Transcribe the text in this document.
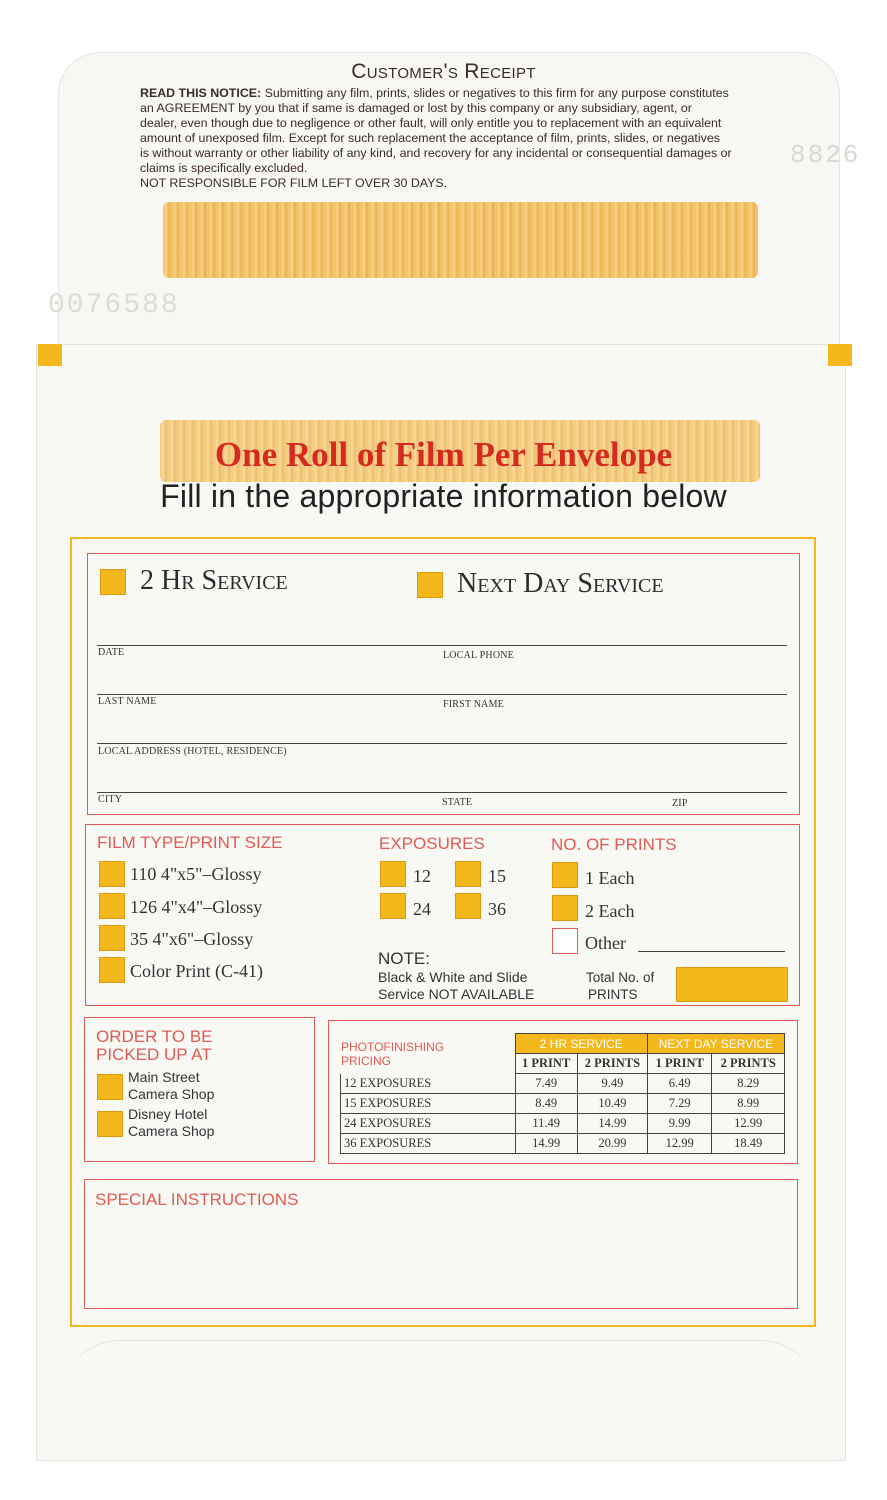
Customer's Receipt
READ THIS NOTICE: Submitting any film, prints, slides or negatives to this firm for any purpose constitutes an AGREEMENT by you that if same is damaged or lost by this company or any subsidiary, agent, or dealer, even though due to negligence or other fault, will only entitle you to replacement with an equivalent amount of unexposed film. Except for such replacement the acceptance of film, prints, slides, or negatives is without warranty or other liability of any kind, and recovery for any incidental or consequential damages or claims is specifically excluded.
NOT RESPONSIBLE FOR FILM LEFT OVER 30 DAYS.
8826
0076588
One Roll of Film Per Envelope
Fill in the appropriate information below
2 Hr Service	Next Day Service
DATE	LOCAL PHONE
LAST NAME	FIRST NAME
LOCAL ADDRESS (HOTEL, RESIDENCE)
CITY	STATE	ZIP
FILM TYPE/PRINT SIZE
110 4"x5"–Glossy
126 4"x4"–Glossy
35 4"x6"–Glossy
Color Print (C-41)
EXPOSURES
12	15
24	36
NOTE:
Black & White and Slide
Service NOT AVAILABLE
NO. OF PRINTS
1 Each
2 Each
Other
Total No. of
PRINTS
ORDER TO BE
PICKED UP AT
Main Street
Camera Shop
Disney Hotel
Camera Shop
PHOTOFINISHING
PRICING
	2 HR SERVICE		NEXT DAY SERVICE	
	1 PRINT	2 PRINTS	1 PRINT	2 PRINTS
12 EXPOSURES	7.49	9.49	6.49	8.29
15 EXPOSURES	8.49	10.49	7.29	8.99
24 EXPOSURES	11.49	14.99	9.99	12.99
36 EXPOSURES	14.99	20.99	12.99	18.49
SPECIAL INSTRUCTIONS
